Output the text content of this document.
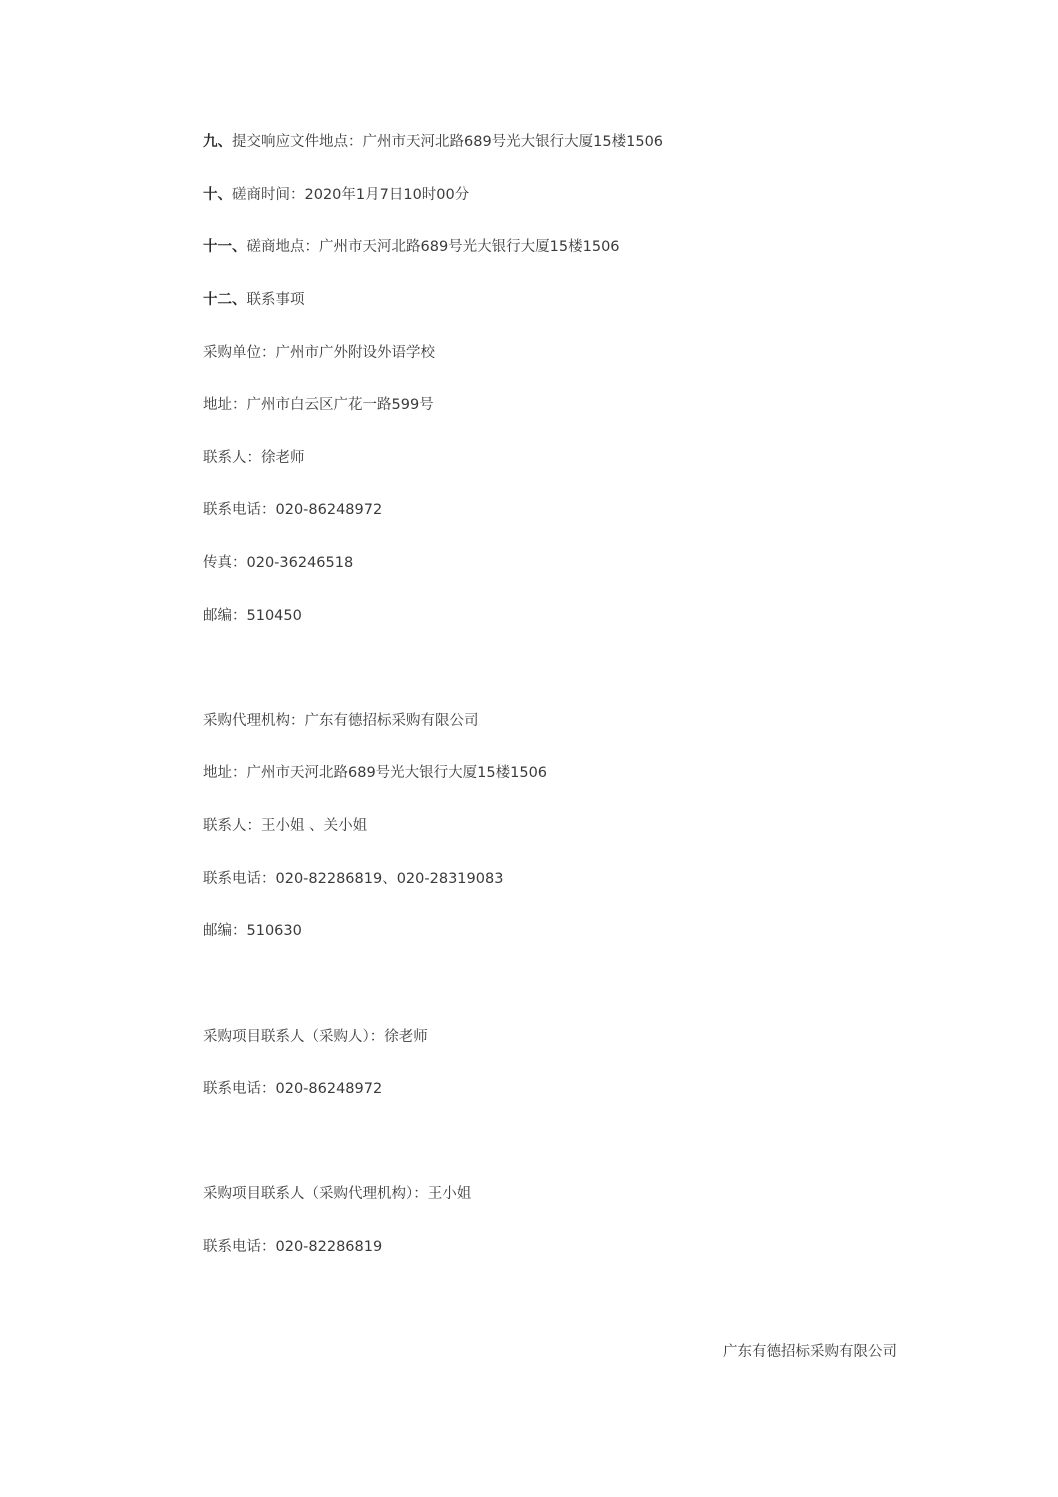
九、提交响应文件地点：广州市天河北路689号光大银行大厦15楼1506
十、磋商时间：2020年1月7日10时00分
十一、磋商地点：广州市天河北路689号光大银行大厦15楼1506
十二、联系事项
采购单位：广州市广外附设外语学校
地址：广州市白云区广花一路599号
联系人：徐老师
联系电话：020-86248972
传真：020-36246518
邮编：510450
采购代理机构：广东有德招标采购有限公司
地址：广州市天河北路689号光大银行大厦15楼1506
联系人：王小姐 、关小姐
联系电话：020-82286819、020-28319083
邮编：510630
采购项目联系人（采购人）：徐老师
联系电话：020-86248972
采购项目联系人（采购代理机构）：王小姐
联系电话：020-82286819
广东有德招标采购有限公司
